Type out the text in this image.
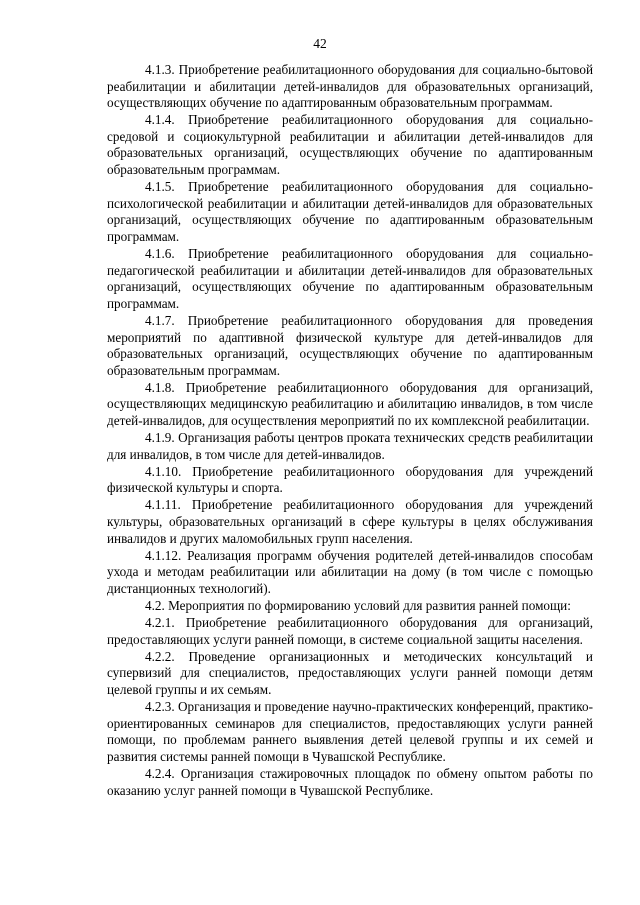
42

4.1.3. Приобретение реабилитационного оборудования для социально-бытовой реабилитации и абилитации детей-инвалидов для образовательных организаций, осуществляющих обучение по адаптированным образовательным программам.

4.1.4. Приобретение реабилитационного оборудования для социально-средовой и социокультурной реабилитации и абилитации детей-инвалидов для образовательных организаций, осуществляющих обучение по адаптированным образовательным программам.

4.1.5. Приобретение реабилитационного оборудования для социально-психологической реабилитации и абилитации детей-инвалидов для образовательных организаций, осуществляющих обучение по адаптированным образовательным программам.

4.1.6. Приобретение реабилитационного оборудования для социально-педагогической реабилитации и абилитации детей-инвалидов для образовательных организаций, осуществляющих обучение по адаптированным образовательным программам.

4.1.7. Приобретение реабилитационного оборудования для проведения мероприятий по адаптивной физической культуре для детей-инвалидов для образовательных организаций, осуществляющих обучение по адаптированным образовательным программам.

4.1.8. Приобретение реабилитационного оборудования для организаций, осуществляющих медицинскую реабилитацию и абилитацию инвалидов, в том числе детей-инвалидов, для осуществления мероприятий по их комплексной реабилитации.

4.1.9. Организация работы центров проката технических средств реабилитации для инвалидов, в том числе для детей-инвалидов.

4.1.10. Приобретение реабилитационного оборудования для учреждений физической культуры и спорта.

4.1.11. Приобретение реабилитационного оборудования для учреждений культуры, образовательных организаций в сфере культуры в целях обслуживания инвалидов и других маломобильных групп населения.

4.1.12. Реализация программ обучения родителей детей-инвалидов способам ухода и методам реабилитации или абилитации на дому (в том числе с помощью дистанционных технологий).

4.2. Мероприятия по формированию условий для развития ранней помощи:

4.2.1. Приобретение реабилитационного оборудования для организаций, предоставляющих услуги ранней помощи, в системе социальной защиты населения.

4.2.2. Проведение организационных и методических консультаций и супервизий для специалистов, предоставляющих услуги ранней помощи детям целевой группы и их семьям.

4.2.3. Организация и проведение научно-практических конференций, практико-ориентированных семинаров для специалистов, предоставляющих услуги ранней помощи, по проблемам раннего выявления детей целевой группы и их семей и развития системы ранней помощи в Чувашской Республике.

4.2.4. Организация стажировочных площадок по обмену опытом работы по оказанию услуг ранней помощи в Чувашской Республике.
